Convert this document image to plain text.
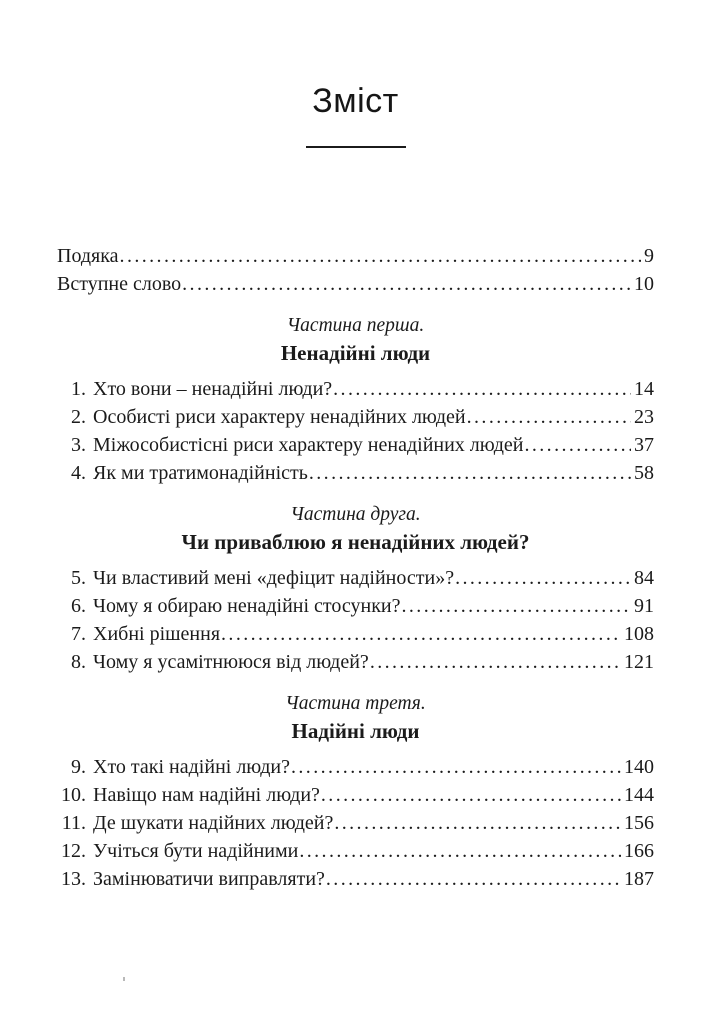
Зміст
Подяка .....	9
Вступне слово .....	10
Частина перша.
Ненадійні люди
1. Хто вони – ненадійні люди? .....	14
2. Особисті риси характеру ненадійних людей .....	23
3. Міжособистісні риси характеру ненадійних людей .....	37
4. Як ми тратимонадійність .....	58
Частина друга.
Чи приваблюю я ненадійних людей?
5. Чи властивий мені «дефіцит надійности»? .....	84
6. Чому я обираю ненадійні стосунки? .....	91
7. Хибні рішення .....	108
8. Чому я усамітнююся від людей? .....	121
Частина третя.
Надійні люди
9. Хто такі надійні люди? .....	140
10. Навіщо нам надійні люди? .....	144
11. Де шукати надійних людей? .....	156
12. Учіться бути надійними .....	166
13. Замінюватичи виправляти? .....	187
